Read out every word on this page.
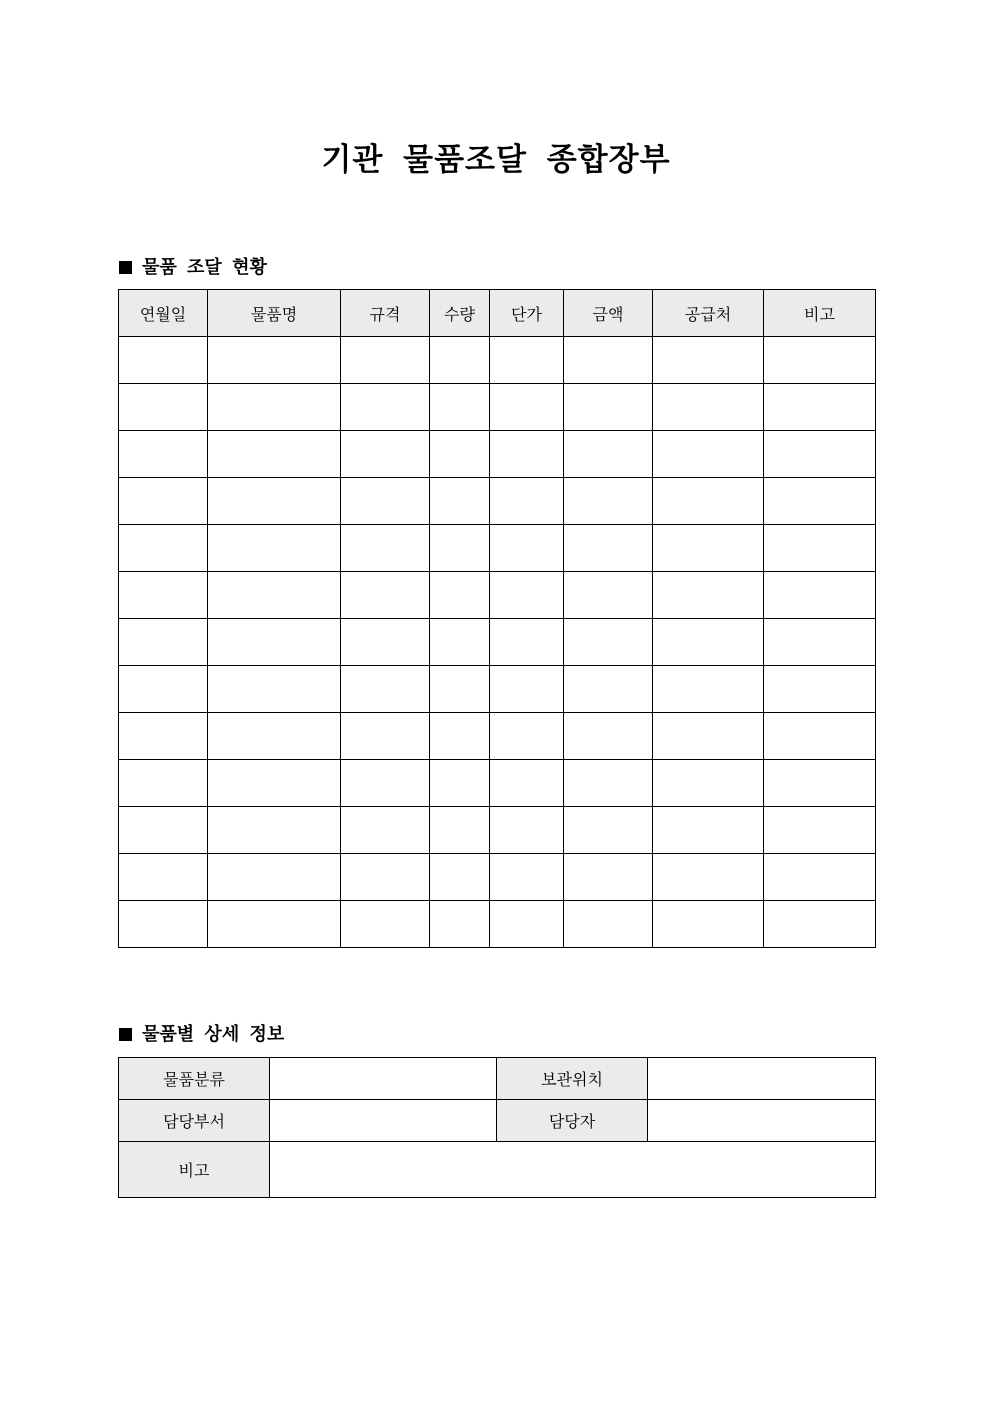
기관 물품조달 종합장부
물품 조달 현황
연월일	물품명	규격	수량	단가	금액	공급처	비고

물품별 상세 정보
물품분류		보관위치	
담당부서		담당자	
비고			
